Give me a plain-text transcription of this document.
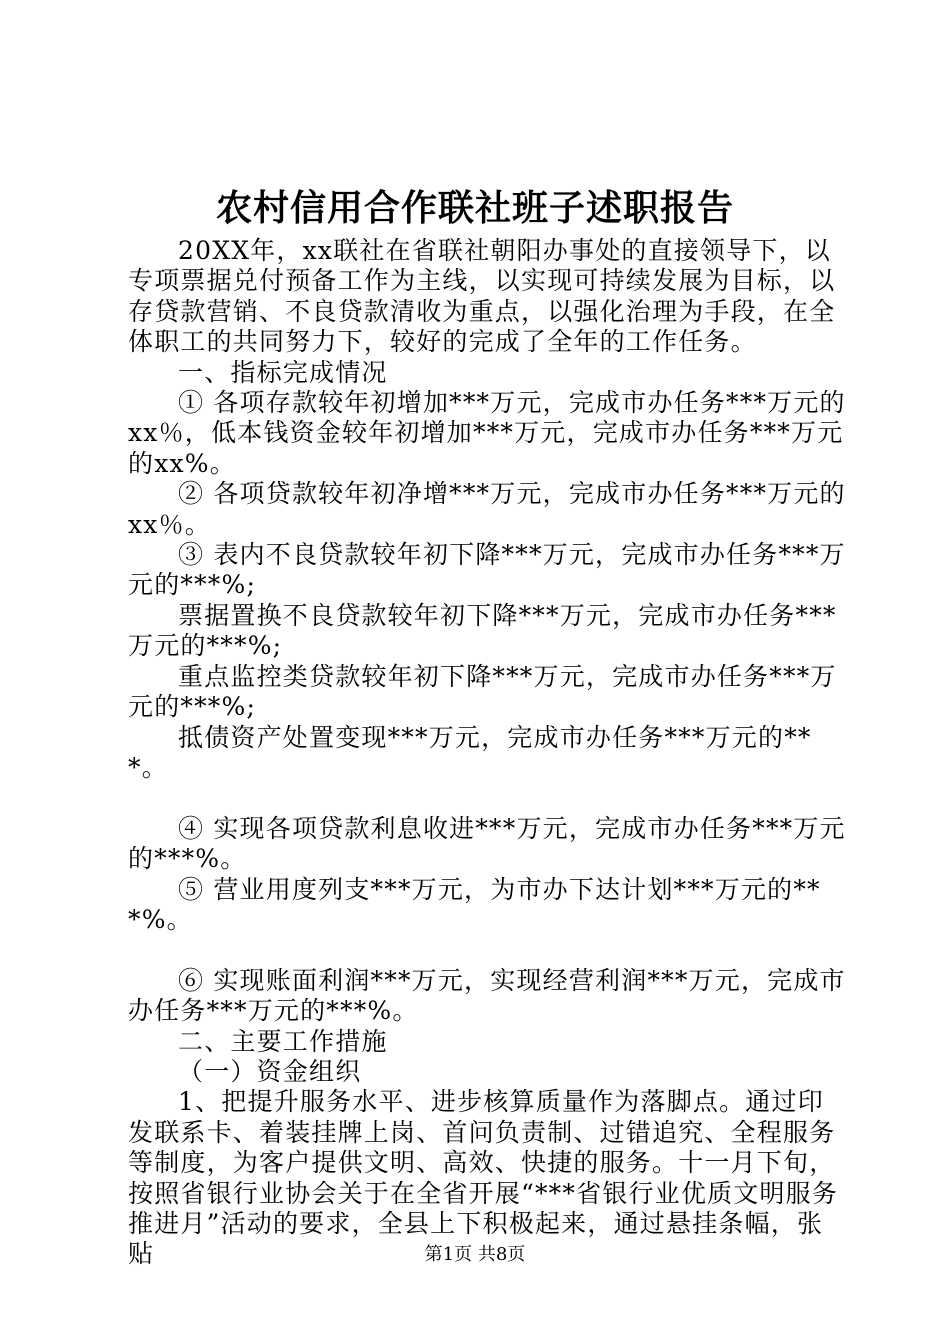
农村信用合作联社班子述职报告

20XX年，xx联社在省联社朝阳办事处的直接领导下，以专项票据兑付预备工作为主线，以实现可持续发展为目标，以存贷款营销、不良贷款清收为重点，以强化治理为手段，在全体职工的共同努力下，较好的完成了全年的工作任务。

一、指标完成情况

① 各项存款较年初增加***万元，完成市办任务***万元的xx％，低本钱资金较年初增加***万元，完成市办任务***万元的xx%。

② 各项贷款较年初净增***万元，完成市办任务***万元的xx％。

③ 表内不良贷款较年初下降***万元，完成市办任务***万元的***%;

票据置换不良贷款较年初下降***万元，完成市办任务***万元的***%;

重点监控类贷款较年初下降***万元，完成市办任务***万元的***%;

抵债资产处置变现***万元，完成市办任务***万元的***。

④ 实现各项贷款利息收进***万元，完成市办任务***万元的***%。

⑤ 营业用度列支***万元，为市办下达计划***万元的***%。

⑥ 实现账面利润***万元，实现经营利润***万元，完成市办任务***万元的***%。

二、主要工作措施

（一）资金组织

1、把提升服务水平、进步核算质量作为落脚点。通过印发联系卡、着装挂牌上岗、首问负责制、过错追究、全程服务等制度，为客户提供文明、高效、快捷的服务。十一月下旬，按照省银行业协会关于在全省开展“***省银行业优质文明服务推进月”活动的要求，全县上下积极起来，通过悬挂条幅，张贴	第1页 共8页
